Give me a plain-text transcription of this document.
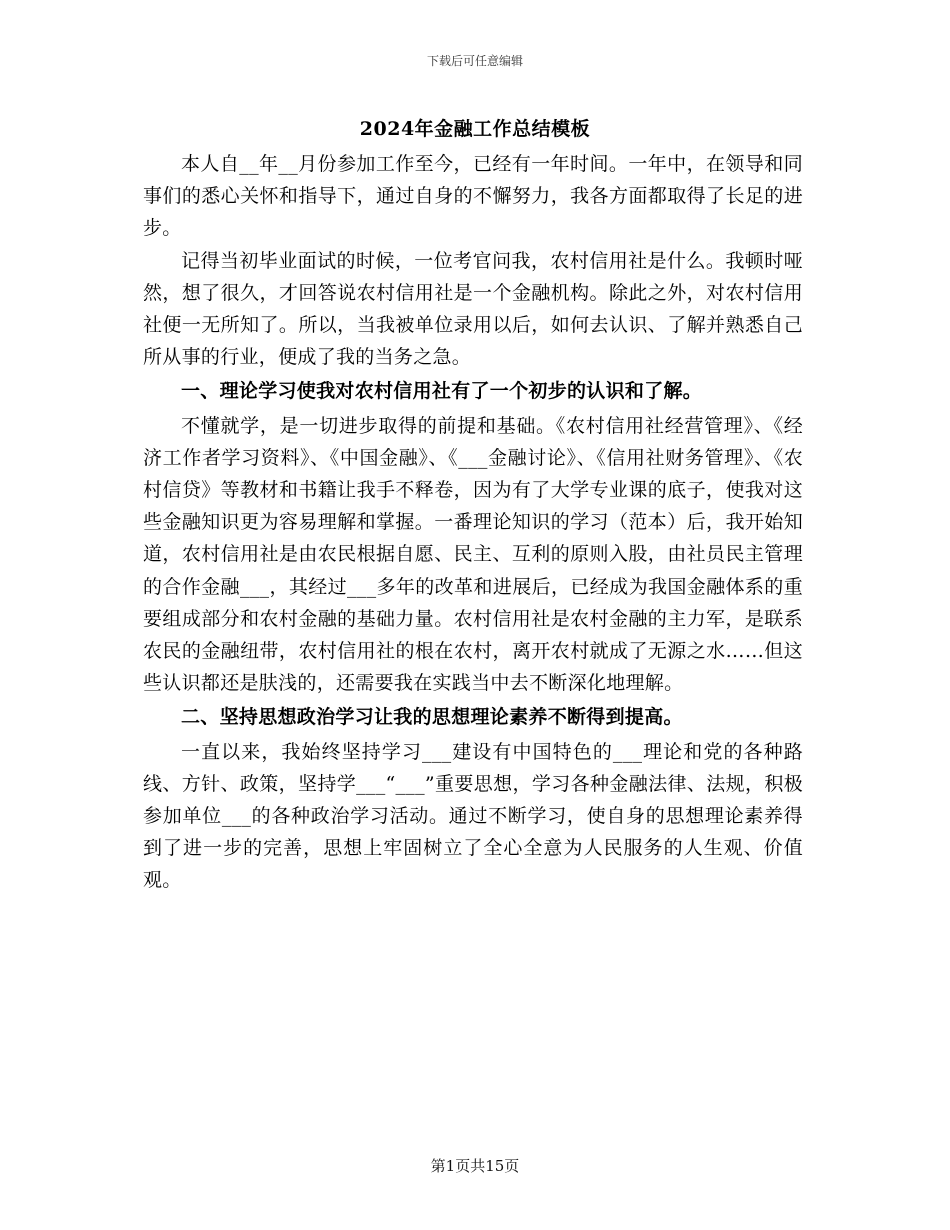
下载后可任意编辑
2024年金融工作总结模板

本人自__年__月份参加工作至今，已经有一年时间。一年中，在领导和同事们的悉心关怀和指导下，通过自身的不懈努力，我各方面都取得了长足的进步。

记得当初毕业面试的时候，一位考官问我，农村信用社是什么。我顿时哑然，想了很久，才回答说农村信用社是一个金融机构。除此之外，对农村信用社便一无所知了。所以，当我被单位录用以后，如何去认识、了解并熟悉自己所从事的行业，便成了我的当务之急。

一、理论学习使我对农村信用社有了一个初步的认识和了解。

不懂就学，是一切进步取得的前提和基础。《农村信用社经营管理》、《经济工作者学习资料》、《中国金融》、《___金融讨论》、《信用社财务管理》、《农村信贷》等教材和书籍让我手不释卷，因为有了大学专业课的底子，使我对这些金融知识更为容易理解和掌握。一番理论知识的学习（范本）后，我开始知道，农村信用社是由农民根据自愿、民主、互利的原则入股，由社员民主管理的合作金融___，其经过___多年的改革和进展后，已经成为我国金融体系的重要组成部分和农村金融的基础力量。农村信用社是农村金融的主力军，是联系农民的金融纽带，农村信用社的根在农村，离开农村就成了无源之水……但这些认识都还是肤浅的，还需要我在实践当中去不断深化地理解。

二、坚持思想政治学习让我的思想理论素养不断得到提高。

一直以来，我始终坚持学习___建设有中国特色的___理论和党的各种路线、方针、政策，坚持学___“___”重要思想，学习各种金融法律、法规，积极参加单位___的各种政治学习活动。通过不断学习，使自身的思想理论素养得到了进一步的完善，思想上牢固树立了全心全意为人民服务的人生观、价值观。

第1页共15页
